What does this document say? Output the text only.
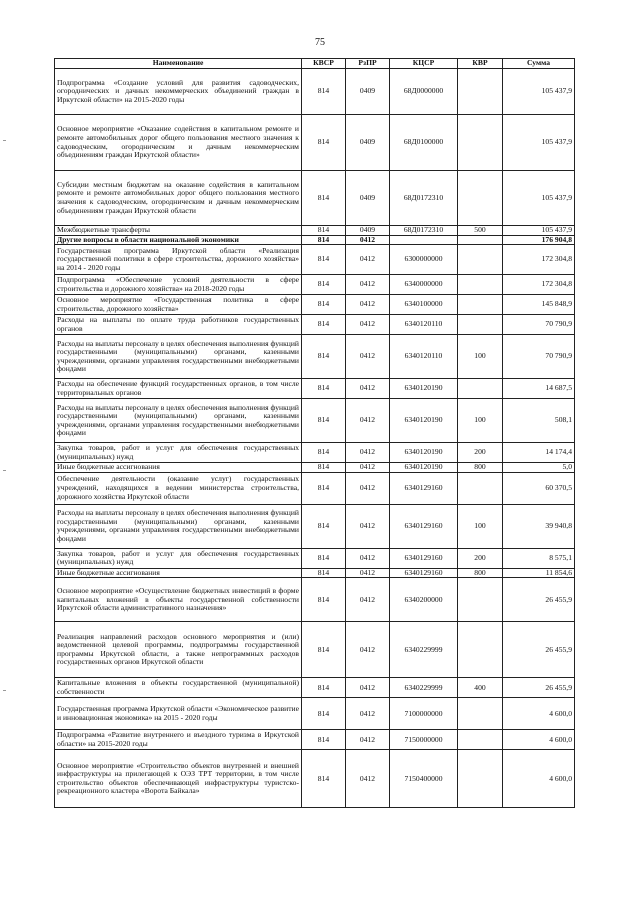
75
Наименование	КВСР	РзПР	КЦСР	КВР	Сумма
Подпрограмма «Создание условий для развития садоводческих, огороднических и дачных некоммерческих объединений граждан в Иркутской области» на 2015-2020 годы	814	0409	68Д0000000		105 437,9
Основное мероприятие «Оказание содействия в капитальном ремонте и ремонте автомобильных дорог общего пользования местного значения к садоводческим, огородническим и дачным некоммерческим объединениям граждан Иркутской области»	814	0409	68Д0100000		105 437,9
Субсидии местным бюджетам на оказание содействия в капитальном ремонте и ремонте автомобильных дорог общего пользования местного значения к садоводческим, огородническим и дачным некоммерческим объединениям граждан Иркутской области	814	0409	68Д0172310		105 437,9
Межбюджетные трансферты	814	0409	68Д0172310	500	105 437,9
Другие вопросы в области национальной экономики	814	0412			176 904,8
Государственная программа Иркутской области «Реализация государственной политики в сфере строительства, дорожного хозяйства» на 2014 - 2020 годы	814	0412	6300000000		172 304,8
Подпрограмма «Обеспечение условий деятельности в сфере строительства и дорожного хозяйства» на 2018-2020 годы	814	0412	6340000000		172 304,8
Основное мероприятие «Государственная политика в сфере строительства, дорожного хозяйства»	814	0412	6340100000		145 848,9
Расходы на выплаты по оплате труда работников государственных органов	814	0412	6340120110		70 790,9
Расходы на выплаты персоналу в целях обеспечения выполнения функций государственными (муниципальными) органами, казенными учреждениями, органами управления государственными внебюджетными фондами	814	0412	6340120110	100	70 790,9
Расходы на обеспечение функций государственных органов, в том числе территориальных органов	814	0412	6340120190		14 687,5
Расходы на выплаты персоналу в целях обеспечения выполнения функций государственными (муниципальными) органами, казенными учреждениями, органами управления государственными внебюджетными фондами	814	0412	6340120190	100	508,1
Закупка товаров, работ и услуг для обеспечения государственных (муниципальных) нужд	814	0412	6340120190	200	14 174,4
Иные бюджетные ассигнования	814	0412	6340120190	800	5,0
Обеспечение деятельности (оказание услуг) государственных учреждений, находящихся в ведении министерства строительства, дорожного хозяйства Иркутской области	814	0412	6340129160		60 370,5
Расходы на выплаты персоналу в целях обеспечения выполнения функций государственными (муниципальными) органами, казенными учреждениями, органами управления государственными внебюджетными фондами	814	0412	6340129160	100	39 940,8
Закупка товаров, работ и услуг для обеспечения государственных (муниципальных) нужд	814	0412	6340129160	200	8 575,1
Иные бюджетные ассигнования	814	0412	6340129160	800	11 854,6
Основное мероприятие «Осуществление бюджетных инвестиций в форме капитальных вложений в объекты государственной собственности Иркутской области административного назначения»	814	0412	6340200000		26 455,9
Реализация направлений расходов основного мероприятия и (или) ведомственной целевой программы, подпрограммы государственной программы Иркутской области, а также непрограммных расходов государственных органов Иркутской области	814	0412	6340229999		26 455,9
Капитальные вложения в объекты государственной (муниципальной) собственности	814	0412	6340229999	400	26 455,9
Государственная программа Иркутской области «Экономическое развитие и инновационная экономика» на 2015 - 2020 годы	814	0412	7100000000		4 600,0
Подпрограмма «Развитие внутреннего и въездного туризма в Иркутской области» на 2015-2020 годы	814	0412	7150000000		4 600,0
Основное мероприятие «Строительство объектов внутренней и внешней инфраструктуры на прилегающей к ОЭЗ ТРТ территории, в том числе строительство объектов обеспечивающей инфраструктуры туристско-рекреационного кластера «Ворота Байкала»	814	0412	7150400000		4 600,0
